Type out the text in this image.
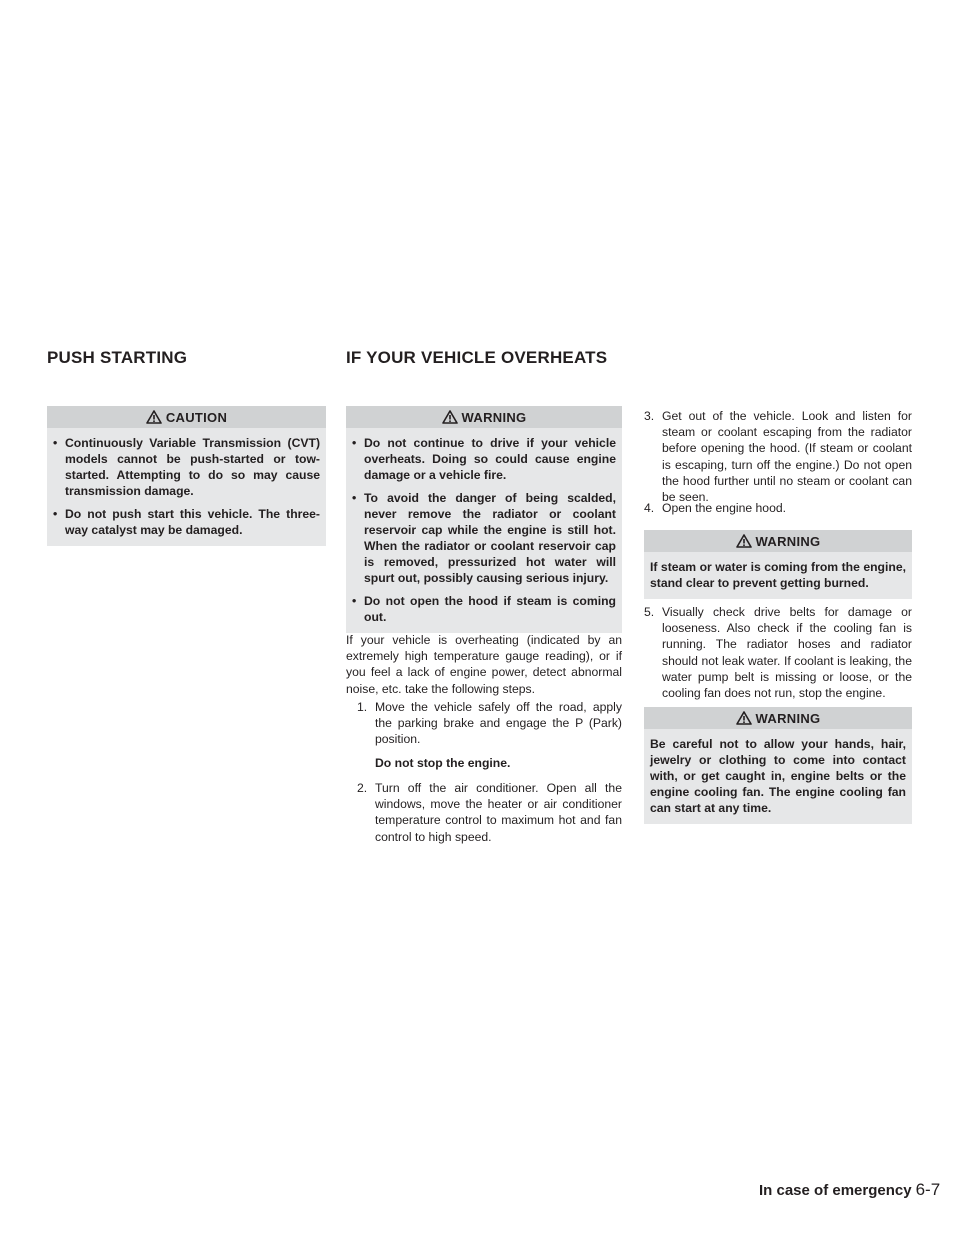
PUSH STARTING	IF YOUR VEHICLE OVERHEATS
CAUTION
• Continuously Variable Transmission (CVT) models cannot be push-started or tow-started. Attempting to do so may cause transmission damage.
• Do not push start this vehicle. The three-way catalyst may be damaged.
WARNING
• Do not continue to drive if your vehicle overheats. Doing so could cause engine damage or a vehicle fire.
• To avoid the danger of being scalded, never remove the radiator or coolant reservoir cap while the engine is still hot. When the radiator or coolant reservoir cap is removed, pressurized hot water will spurt out, possibly causing serious injury.
• Do not open the hood if steam is coming out.
If your vehicle is overheating (indicated by an extremely high temperature gauge reading), or if you feel a lack of engine power, detect abnormal noise, etc. take the following steps.
1. Move the vehicle safely off the road, apply the parking brake and engage the P (Park) position.
Do not stop the engine.
2. Turn off the air conditioner. Open all the windows, move the heater or air conditioner temperature control to maximum hot and fan control to high speed.
3. Get out of the vehicle. Look and listen for steam or coolant escaping from the radiator before opening the hood. (If steam or coolant is escaping, turn off the engine.) Do not open the hood further until no steam or coolant can be seen.
4. Open the engine hood.
WARNING
If steam or water is coming from the engine, stand clear to prevent getting burned.
5. Visually check drive belts for damage or looseness. Also check if the cooling fan is running. The radiator hoses and radiator should not leak water. If coolant is leaking, the water pump belt is missing or loose, or the cooling fan does not run, stop the engine.
WARNING
Be careful not to allow your hands, hair, jewelry or clothing to come into contact with, or get caught in, engine belts or the engine cooling fan. The engine cooling fan can start at any time.
In case of emergency 6-7
